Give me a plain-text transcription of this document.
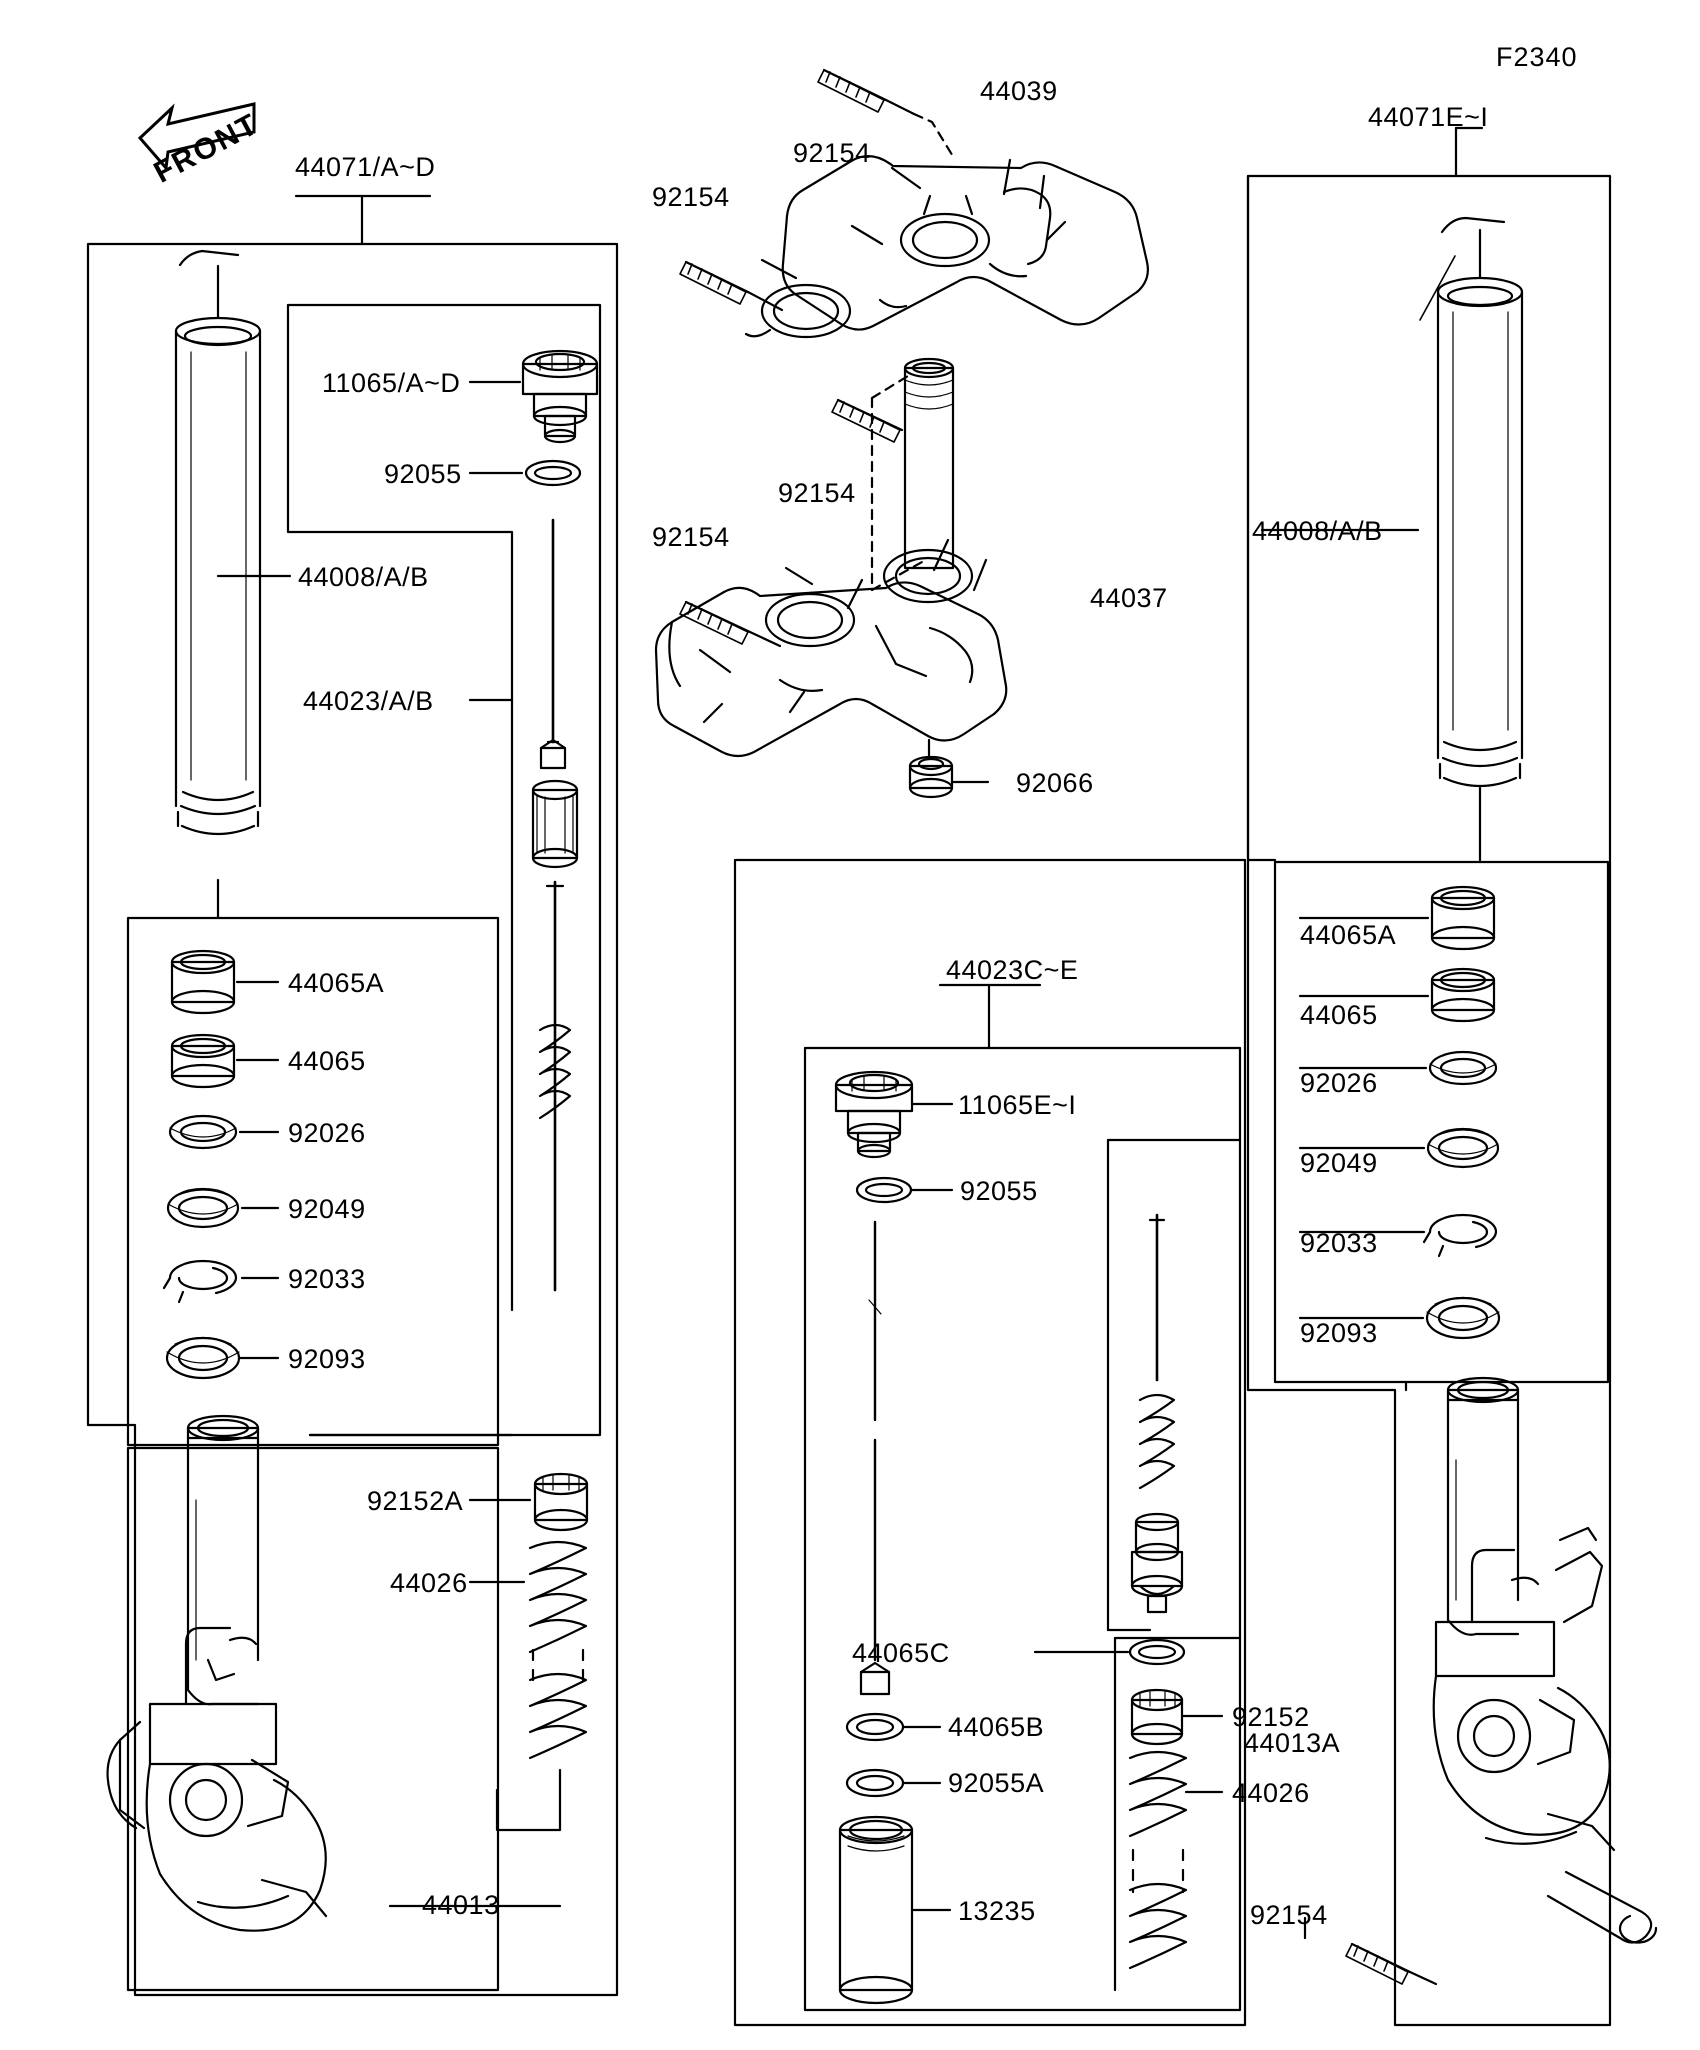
FRONT
F2340
44071/A~D
44071E~I
44023C~E
11065/A~D
92055
44008/A/B
44023/A/B
44065A
44065
92026
92049
92033
92093
92152A
44026
44013
44039
92154
92154
92154
92154
44037
92066
11065E~I
92055
44065C
44065B
92055A
13235
92152
44026
44013A
92154
44008/A/B
44065A
44065
92026
92049
92033
92093
